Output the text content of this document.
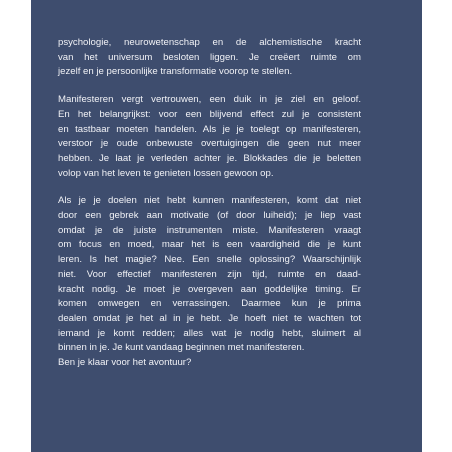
psychologie, neurowetenschap en de alchemistische kracht
van het universum besloten liggen. Je creëert ruimte om
jezelf en je persoonlijke transformatie voorop te stellen.

Manifesteren vergt vertrouwen, een duik in je ziel en geloof.
En het belangrijkst: voor een blijvend effect zul je consistent
en tastbaar moeten handelen. Als je je toelegt op manifesteren,
verstoor je oude onbewuste overtuigingen die geen nut meer
hebben. Je laat je verleden achter je. Blokkades die je beletten
volop van het leven te genieten lossen gewoon op.

Als je je doelen niet hebt kunnen manifesteren, komt dat niet
door een gebrek aan motivatie (of door luiheid); je liep vast
omdat je de juiste instrumenten miste. Manifesteren vraagt
om focus en moed, maar het is een vaardigheid die je kunt
leren. Is het magie? Nee. Een snelle oplossing? Waarschijnlijk
niet. Voor effectief manifesteren zijn tijd, ruimte en daad-
kracht nodig. Je moet je overgeven aan goddelijke timing. Er
komen omwegen en verrassingen. Daarmee kun je prima
dealen omdat je het al in je hebt. Je hoeft niet te wachten tot
iemand je komt redden; alles wat je nodig hebt, sluimert al
binnen in je. Je kunt vandaag beginnen met manifesteren.
Ben je klaar voor het avontuur?
